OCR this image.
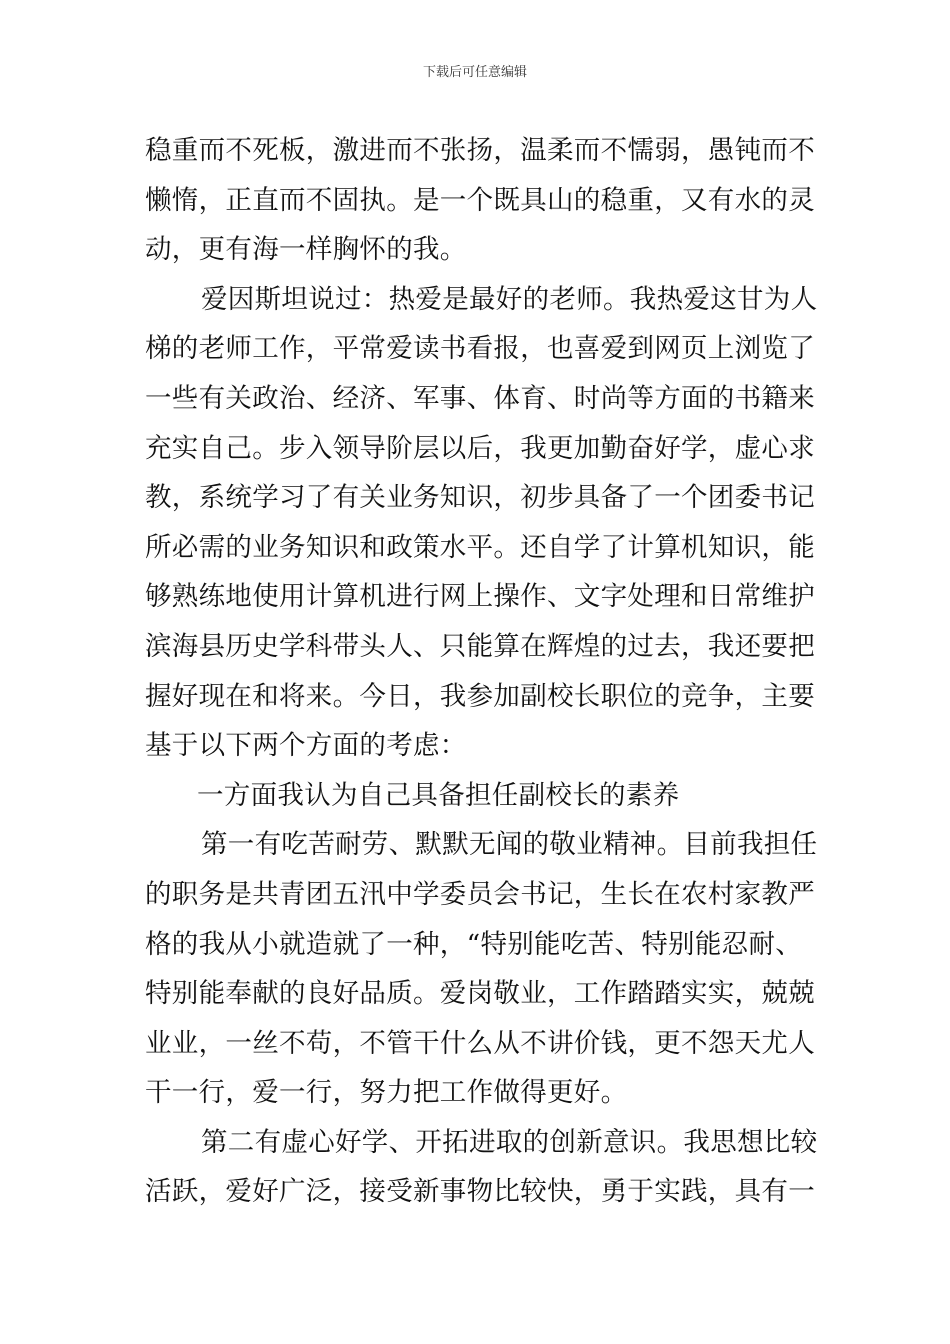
下载后可任意编辑
稳重而不死板，激进而不张扬，温柔而不懦弱，愚钝而不
懒惰，正直而不固执。是一个既具山的稳重，又有水的灵
动，更有海一样胸怀的我。
爱因斯坦说过：热爱是最好的老师。我热爱这甘为人
梯的老师工作，平常爱读书看报，也喜爱到网页上浏览了
一些有关政治、经济、军事、体育、时尚等方面的书籍来
充实自己。步入领导阶层以后，我更加勤奋好学，虚心求
教，系统学习了有关业务知识，初步具备了一个团委书记
所必需的业务知识和政策水平。还自学了计算机知识，能
够熟练地使用计算机进行网上操作、文字处理和日常维护
滨海县历史学科带头人、只能算在辉煌的过去，我还要把
握好现在和将来。今日，我参加副校长职位的竞争，主要
基于以下两个方面的考虑：
一方面我认为自己具备担任副校长的素养
第一有吃苦耐劳、默默无闻的敬业精神。目前我担任
的职务是共青团五汛中学委员会书记，生长在农村家教严
格的我从小就造就了一种，“特别能吃苦、特别能忍耐、
特别能奉献的良好品质。爱岗敬业，工作踏踏实实，兢兢
业业，一丝不苟，不管干什么从不讲价钱，更不怨天尤人
干一行，爱一行，努力把工作做得更好。
第二有虚心好学、开拓进取的创新意识。我思想比较
活跃，爱好广泛，接受新事物比较快，勇于实践，具有一
